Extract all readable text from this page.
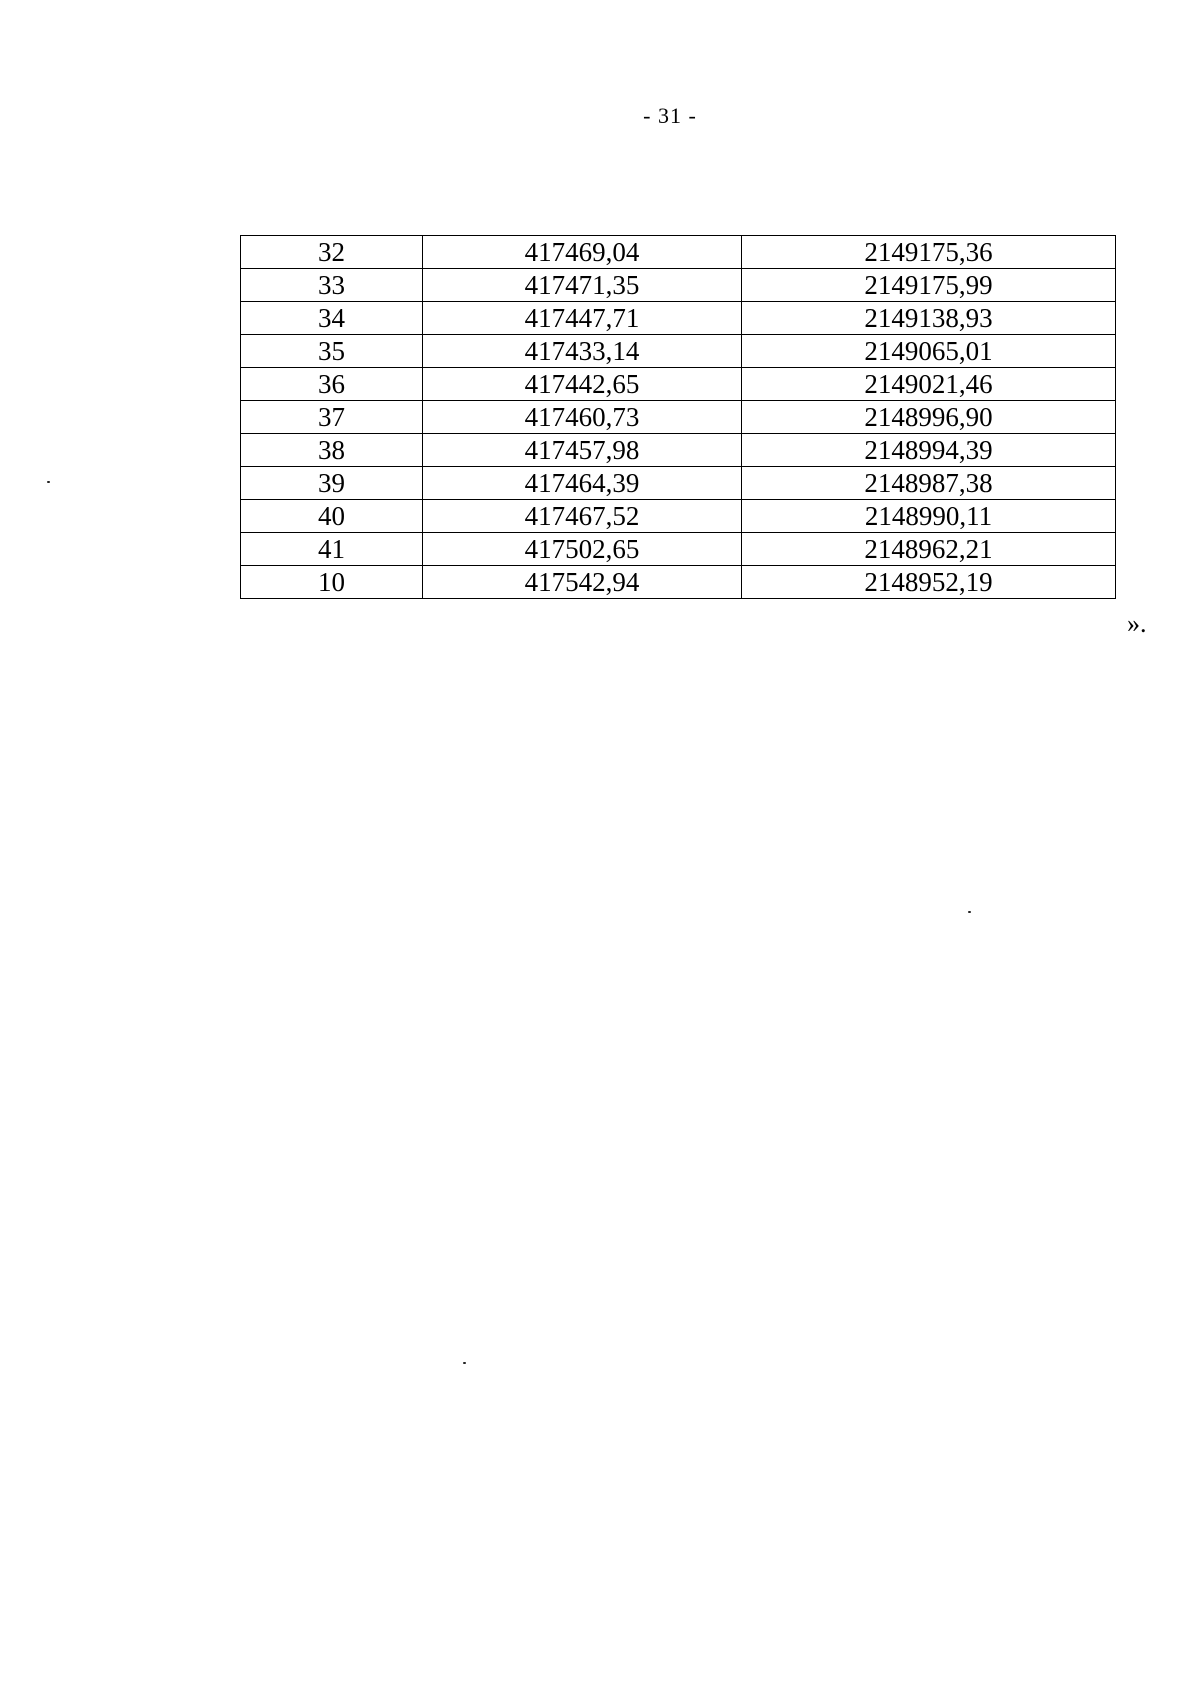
- 31 -
32	417469,04	2149175,36
33	417471,35	2149175,99
34	417447,71	2149138,93
35	417433,14	2149065,01
36	417442,65	2149021,46
37	417460,73	2148996,90
38	417457,98	2148994,39
39	417464,39	2148987,38
40	417467,52	2148990,11
41	417502,65	2148962,21
10	417542,94	2148952,19
».
